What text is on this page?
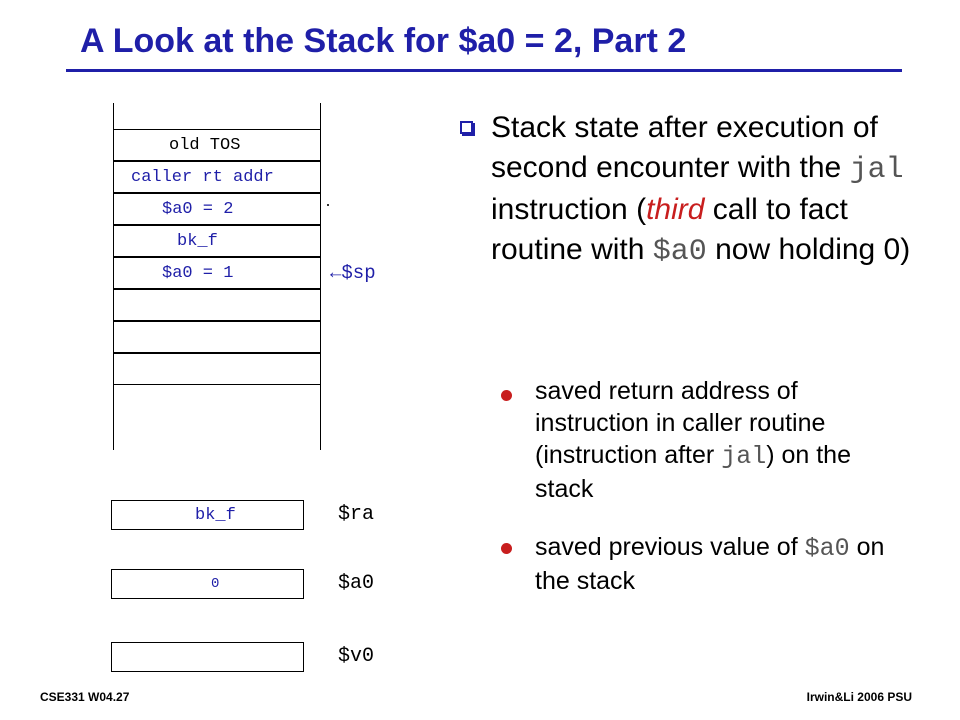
A Look at the Stack for $a0 = 2, Part 2
old TOS
caller rt addr
$a0 = 2
bk_f
$a0 = 1	←$sp
bk_f	$ra
0	$a0
$v0
Stack state after execution of second encounter with the jal instruction (third call to fact routine with $a0 now holding 0)
saved return address of instruction in caller routine (instruction after jal) on the stack
saved previous value of $a0 on the stack
CSE331 W04.27	Irwin&Li 2006 PSU
